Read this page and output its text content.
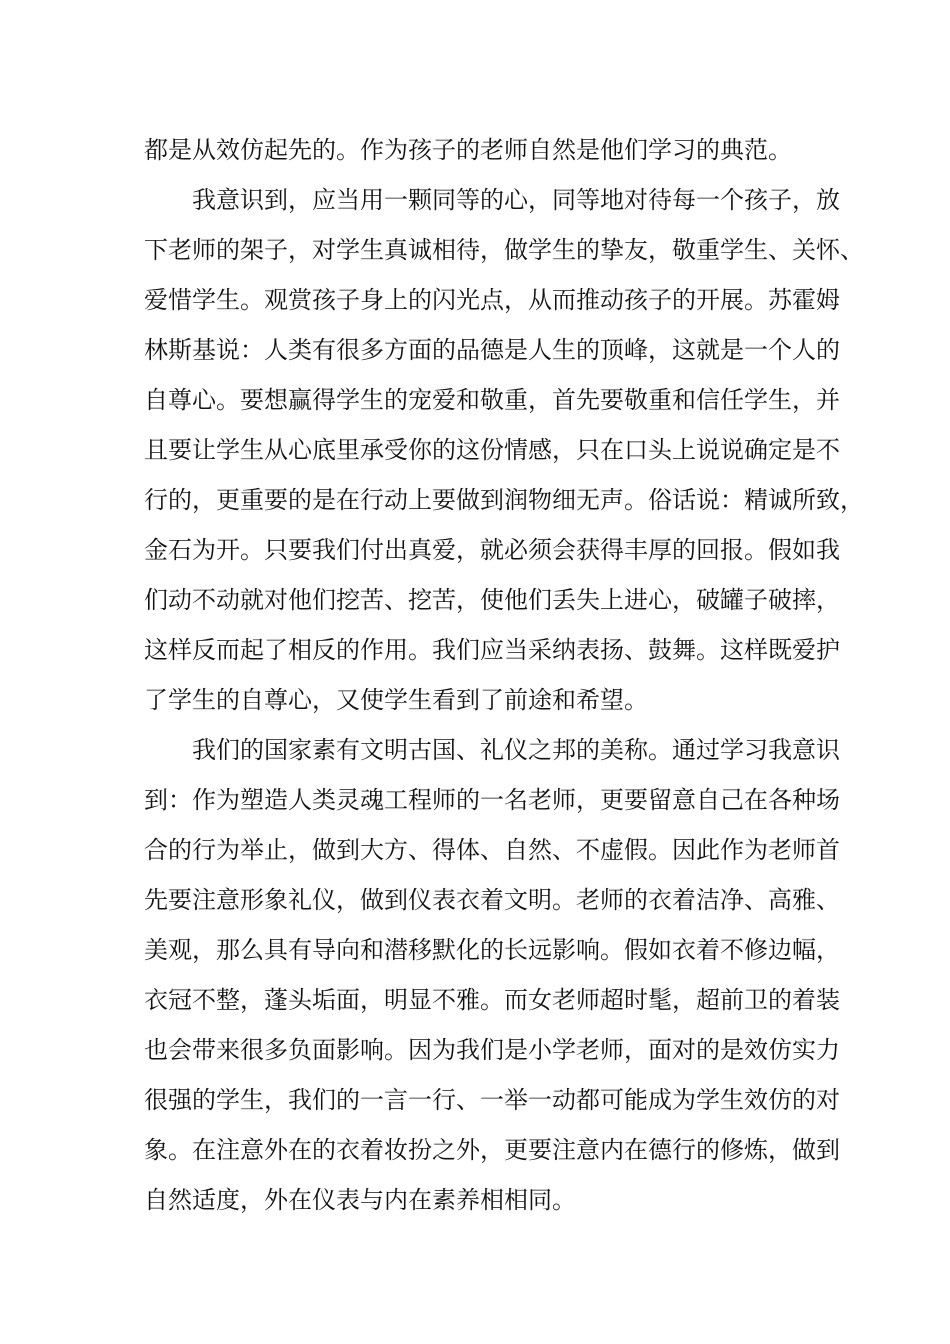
都是从效仿起先的。作为孩子的老师自然是他们学习的典范。
我意识到，应当用一颗同等的心，同等地对待每一个孩子，放
下老师的架子，对学生真诚相待，做学生的挚友，敬重学生、关怀、
爱惜学生。观赏孩子身上的闪光点，从而推动孩子的开展。苏霍姆
林斯基说：人类有很多方面的品德是人生的顶峰，这就是一个人的
自尊心。要想赢得学生的宠爱和敬重，首先要敬重和信任学生，并
且要让学生从心底里承受你的这份情感，只在口头上说说确定是不
行的，更重要的是在行动上要做到润物细无声。俗话说：精诚所致，
金石为开。只要我们付出真爱，就必须会获得丰厚的回报。假如我
们动不动就对他们挖苦、挖苦，使他们丢失上进心，破罐子破摔，
这样反而起了相反的作用。我们应当采纳表扬、鼓舞。这样既爱护
了学生的自尊心，又使学生看到了前途和希望。
我们的国家素有文明古国、礼仪之邦的美称。通过学习我意识
到：作为塑造人类灵魂工程师的一名老师，更要留意自己在各种场
合的行为举止，做到大方、得体、自然、不虚假。因此作为老师首
先要注意形象礼仪，做到仪表衣着文明。老师的衣着洁净、高雅、
美观，那么具有导向和潜移默化的长远影响。假如衣着不修边幅，
衣冠不整，蓬头垢面，明显不雅。而女老师超时髦，超前卫的着装
也会带来很多负面影响。因为我们是小学老师，面对的是效仿实力
很强的学生，我们的一言一行、一举一动都可能成为学生效仿的对
象。在注意外在的衣着妆扮之外，更要注意内在德行的修炼，做到
自然适度，外在仪表与内在素养相相同。
